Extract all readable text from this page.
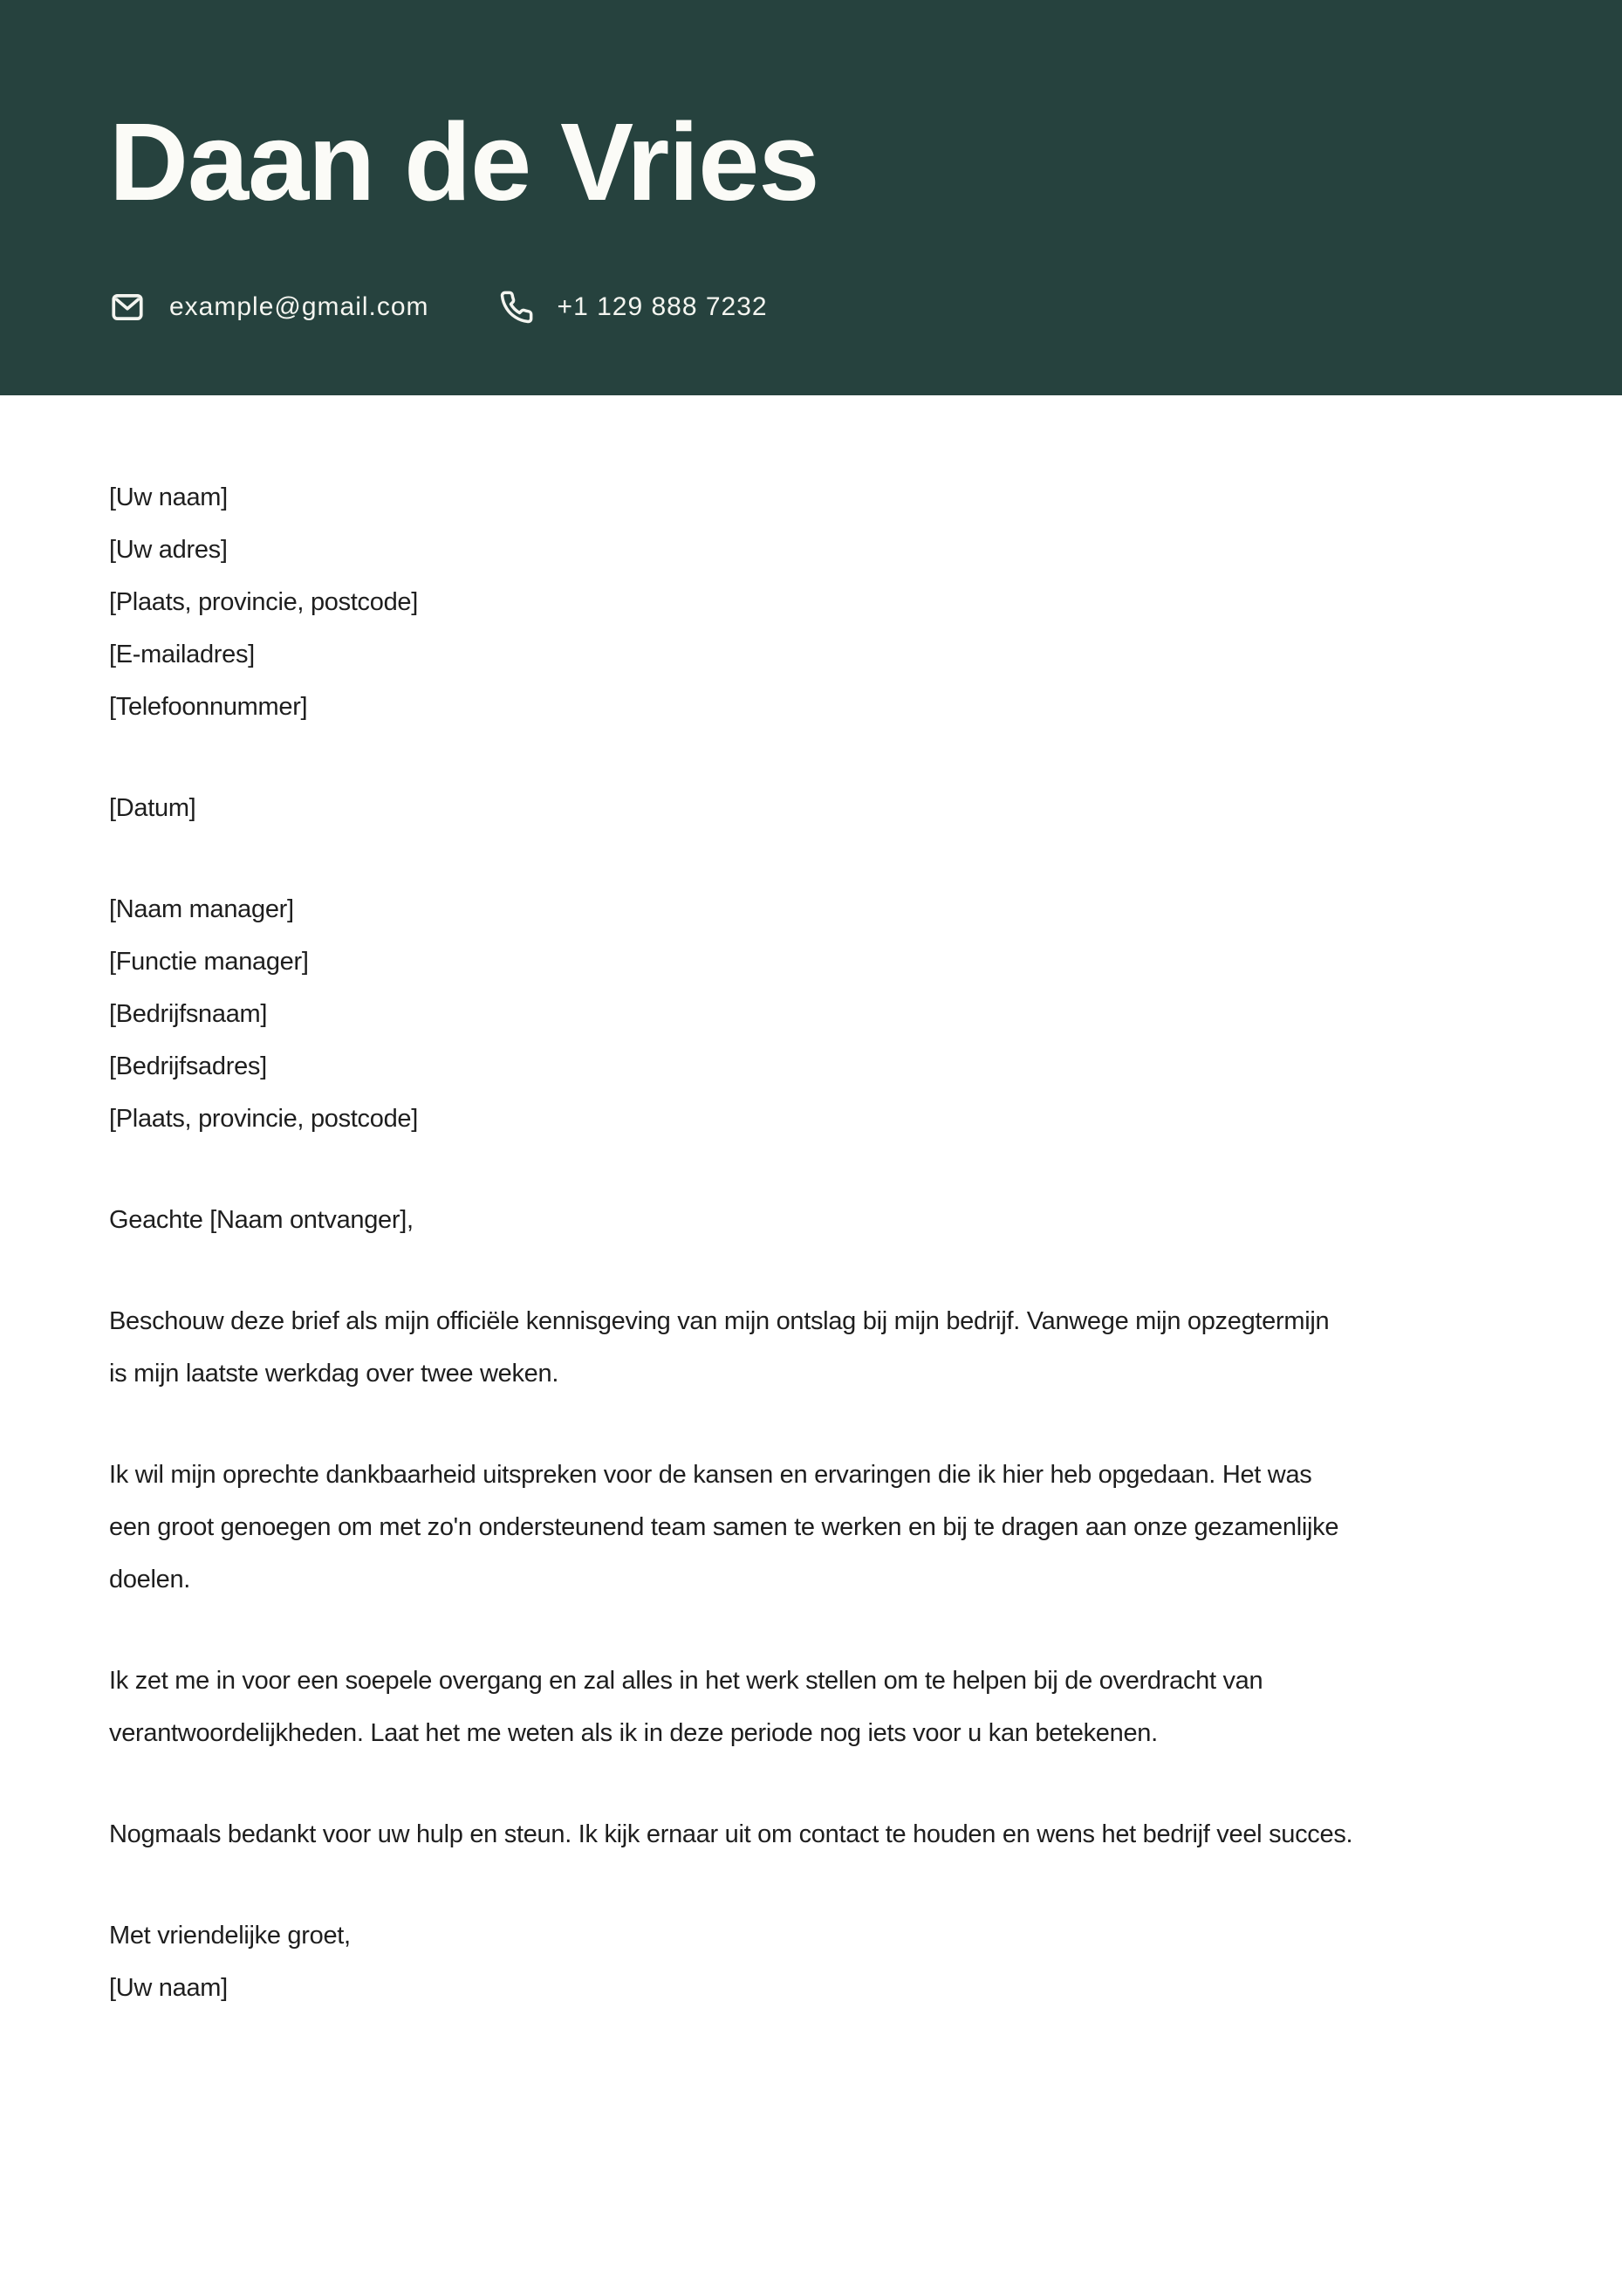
Daan de Vries
example@gmail.com	+1 129 888 7232
[Uw naam]
[Uw adres]
[Plaats, provincie, postcode]
[E-mailadres]
[Telefoonnummer]
[Datum]
[Naam manager]
[Functie manager]
[Bedrijfsnaam]
[Bedrijfsadres]
[Plaats, provincie, postcode]
Geachte [Naam ontvanger],
Beschouw deze brief als mijn officiële kennisgeving van mijn ontslag bij mijn bedrijf. Vanwege mijn opzegtermijn
is mijn laatste werkdag over twee weken.
Ik wil mijn oprechte dankbaarheid uitspreken voor de kansen en ervaringen die ik hier heb opgedaan. Het was
een groot genoegen om met zo'n ondersteunend team samen te werken en bij te dragen aan onze gezamenlijke
doelen.
Ik zet me in voor een soepele overgang en zal alles in het werk stellen om te helpen bij de overdracht van
verantwoordelijkheden. Laat het me weten als ik in deze periode nog iets voor u kan betekenen.
Nogmaals bedankt voor uw hulp en steun. Ik kijk ernaar uit om contact te houden en wens het bedrijf veel succes.
Met vriendelijke groet,
[Uw naam]
